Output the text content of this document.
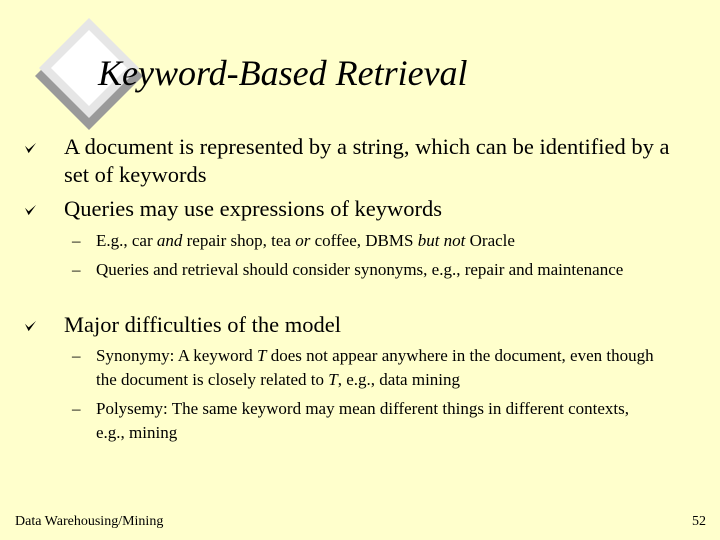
Keyword-Based Retrieval
A document is represented by a string, which can be identified by a set of keywords
Queries may use expressions of keywords
– E.g., car and repair shop, tea or coffee, DBMS but not Oracle
– Queries and retrieval should consider synonyms, e.g., repair and maintenance
Major difficulties of the model
– Synonymy: A keyword T does not appear anywhere in the document, even though the document is closely related to T, e.g., data mining
– Polysemy: The same keyword may mean different things in different contexts, e.g., mining
Data Warehousing/Mining	52
